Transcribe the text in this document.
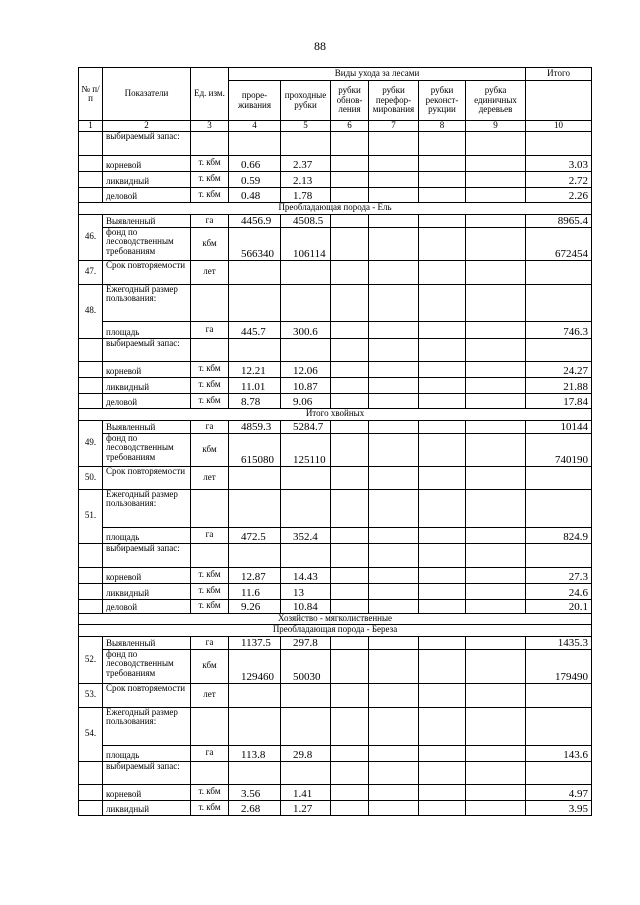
88
№ п/п	Показатели	Ед. изм.	Виды ухода за лесами						Итого
			проре- живания	проходные рубки	рубки обнов- ления	рубки перефор- мирования	рубки реконст- рукции	рубка единичных деревьев	
1	2	3	4	5	6	7	8	9	10
	выбираемый запас:								
	корневой	т. кбм	0.66	2.37					3.03
	ликвидный	т. кбм	0.59	2.13					2.72
	деловой	т. кбм	0.48	1.78					2.26
Преобладающая порода - Ель									
46.	Выявленный	га	4456.9	4508.5					8965.4
	фонд по лесоводственным требованиям	кбм	566340	106114					672454
47.	Срок повторяемости	лет							
48.	Ежегодный размер пользования:								
	площадь	га	445.7	300.6					746.3
	выбираемый запас:								
	корневой	т. кбм	12.21	12.06					24.27
	ликвидный	т. кбм	11.01	10.87					21.88
	деловой	т. кбм	8.78	9.06					17.84
Итого хвойных									
49.	Выявленный	га	4859.3	5284.7					10144
	фонд по лесоводственным требованиям	кбм	615080	125110					740190
50.	Срок повторяемости	лет							
51.	Ежегодный размер пользования:								
	площадь	га	472.5	352.4					824.9
	выбираемый запас:								
	корневой	т. кбм	12.87	14.43					27.3
	ликвидный	т. кбм	11.6	13					24.6
	деловой	т. кбм	9.26	10.84					20.1
Хозяйство - мягколиственные									
Преобладающая порода - Береза									
52.	Выявленный	га	1137.5	297.8					1435.3
	фонд по лесоводственным требованиям	кбм	129460	50030					179490
53.	Срок повторяемости	лет							
54.	Ежегодный размер пользования:								
	площадь	га	113.8	29.8					143.6
	выбираемый запас:								
	корневой	т. кбм	3.56	1.41					4.97
	ликвидный	т. кбм	2.68	1.27					3.95
